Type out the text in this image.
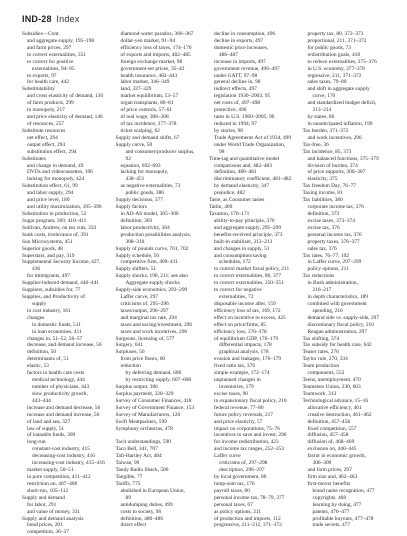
IND-28 Index
Subsidies—Cont.
and aggregate supply, 195–198
and farm prices, 297
to correct externalities, 351
to correct for positive
externalities, 94–95
to exports, 97
for health care, 442
Substitutability
and cross elasticity of demand, 130
of farm products, 299
in monopoly, 217
and price elasticity of demand, 146
of resources, 257
Substitute resources
net effect, 294
output effect, 294
substitution effect, 294
Substitutes
and change in demand, 49
DVDs and videocassettes, 106
lacking for monopoly, 424
Substitution effect, 61, 99
and labor supply, 294
and price level, 180
and utility maximization, 395–396
Substitution in production, 52
Sugar program, 309, 410–411
Sullivan, Andrew, on tax cuts, 333
Sunk costs, irrelevance of, 391
Sun Microsystems, 451
Superior goods, 48
Superstars, and pay, 319
Supplemental Security Income, 427,
436
for immigrants, 497
Supplier-induced demand, 440–441
Suppliers, subsidies for, 77
Supplies, and Productivity of
supply
in cost industry, 161
changes
in domestic funds, 511
in loan economies, 411
changes in, 51–52, 56–57
decrease, and demand increase, 56
definition, 50
determinants of, 51
elastic, 53
factors in health care costs
medical technology, 444
number of physicians, 443
slow productivity growth,
443–444
increase and demand decrease, 56
increase and demand increase, 56
of land and sea, 327
law of supply, 51
of loanable funds, 309
long-run
constant-cost industry, 415
decreasing-cost industry, 416
increasing-cost industry, 415–416
market supply, 50–51
in pure competition, 411–412
restriction on, 407–408
short-run, 105–112
Supply and demand
for labor, 291
and value of money, 331
Supply and demand analysis
bond prices, 201
competition, 36–37
diamond-water paradox, 366–367
dollar-yen market, 91–94
efficiency loss of taxes, 174–176
of exports and imports, 482–485
foreign exchange market, 98
government-set prices, 35–42
health insurance, 482–443
labor market, 346–349
land, 327–329
market equilibrium, 53–57
organ transplants, 80–81
of price controls, 57–61
of real wage, 306–308
of tax incidence, 377–378
ticket scalping, 62
Supply and demand shifts, 67
Supply curve, 50
and consumer/producer surplus,
92
equation, 692–693
lacking for monopoly,
438–451
as negative externalities, 73
public goods, 386
Supply decisions, 377
Supply factors
in AD-AS model, 305–306
definition, 303
labor productivity, 304
production possibilities analysis,
308–310
Supply of pounds curve, 701, 702
Supply schedule, 50
competitive firm, 409–411
Supply shifters, 51
Supply shocks, 190, 211; see also
Aggregate supply shocks
Supply-side economics, 293–299
Laffer curve, 297
criticisms of, 295–296
taxes/output, 296–297
and marginal tax rate, 294
taxes and saving/investment, 296
taxes and work incentives, 296
Surgeons, licensing of, 577
Surgery, 641
Surpluses, 56
from price floors, 60
reduction
by deferring demand, 608
by restricting supply, 607–608
Surplus output, 306
Surplus payment, 328–329
Survey of Consumer Finances, 418
Survey of Government Finance, 153
Survey of Manufacturers, 120
Swift Meatpackers, 599
Symphony orchestras, 478
Tacit understandings, 590
Taco Bell, 341, 707
Taft-Hartley Act, 484
Taiwan, 99
Tandy Radio Shack, 500
Tangible, 77
Tariffs, 775
abolished in European Union,
89
antidumping duties, 499
costs to society, 96
definition, 480–486
direct effect
decline in consumption, 496
decline in exports, 497
domestic price increases,
486–487
increase in imports, 497
government revenue, 496–497
under GATT, 97–98
general decline in, 98
indirect effects, 497
legislation 1930–2003, 95
net costs of, 497–498
protective, 496
rates in U.S. 1960–2005, 96
reduced in 1994, 97
by stories, 98
Trade Agreements Act of 1934, 499
under World Trade Organization,
98
Time-lag and quantitative model
comparisons and, 482–483
definition, 480–481
discriminatory coefficient, 481–482
by demand elasticity, 347
prejudice, 482
Taste, as Consumer tastes
Tatlin, 400
Taxation, 170–171
ability-to-pay principle, 376
and aggregate supply, 295–299
benefits-received principle, 373
built-in stabilizer, 212–213
and changes in supply, 51
and consumption/saving
schedules, 172
to control market fiscal policy, 211
to correct externalities, 80, 377
to correct externalities, 350–351
to correct for negative
externalities, 72
disposable income after, 159
efficiency loss of tax, 169, 172
effect on incentive to excess, 425
effect on price/firms, 85
efficiency loss, 376–378
of equilibrium GDP, 176–179
differential impacts, 178
graphical analysis, 178
evasion and leakages, 176–179
fixed ratio tax, 376
simple example, 172–174
unplanned changes in
inventories, 179
excise taxes, 90
in expansionary fiscal policy, 210
federal revenue, 77–80
future policy reversals, 217
and price elasticity, 57
impact on corporations, 75–76
incentives to save and invest, 296
for income redistribution, 423
and income tax ranges, 252–253
Laffer curve
criticisms of, 297–298
description, 296–297
by local government, 80
lump-sum tax, 176
payroll taxes, 80
personal income tax, 78–79, 377
personal taxes, 67
as policy options, 211
of production and imports, 112
progressive, 211–212, 371–372
property tax, 80, 372–373
proportional, 211, 371–372
for public goods, 73
redistribution goals, 418
to reduce externalities, 375–376
in U.S. economy, 377–378
regressive, 211, 371–372
sales taxes, 79–80
and shift in aggregate supply
curve, 176
and standardized budget deficit,
213–214
by states, 80
in unanticipated inflation, 199
Tax burden, 371–372
and work incentives, 296
Tax-free, 36
Tax incidence, 85, 373
and balanced functions, 375–379
division of burden, 374
of price supports, 306–307
elasticity, 375
Tax freedom Day, 76–77
Taxing income, 81
Tax liabilities, 380
corporate income tax, 376
definition, 373
excise taxes, 373–374
excise tax, 376
personal income tax, 376
property taxes, 376–377
sales tax, 376
Tax rates, 76–77, 192
in Laffer curve, 297–299
policy options, 211
Tax reductions
in Bush administration,
216–217
in depth characteristics, 189
combined with government
spending, 210
demand side vs. supply-side, 297
discretionary fiscal policy, 210
Reagan administration, 297
Tax shifting, 374
Tax subsidy for health care, 642
Teaser rates, 276
Taylor rule, 270, 334
Team production
components, 553
Teens, unemployment, 470
Teamsters Union, 230, 603
Teamwork, 313
Technological advance, 15–16
allocative efficiency, 461
creative destruction, 461–462
definition, 457–458
fixed competition, 557
diffusion, 457–458
diffusion of, 468–469
exclusion on, 440–445
factor in economic growth,
306–309
and farm prices, 297
firm size and, 462–463
first-mover benefits
brand name recognition, 477
copyrights, 468
learning by doing, 477
patents, 476–477
profitable buyouts, 477–478
trade secrets, 477
